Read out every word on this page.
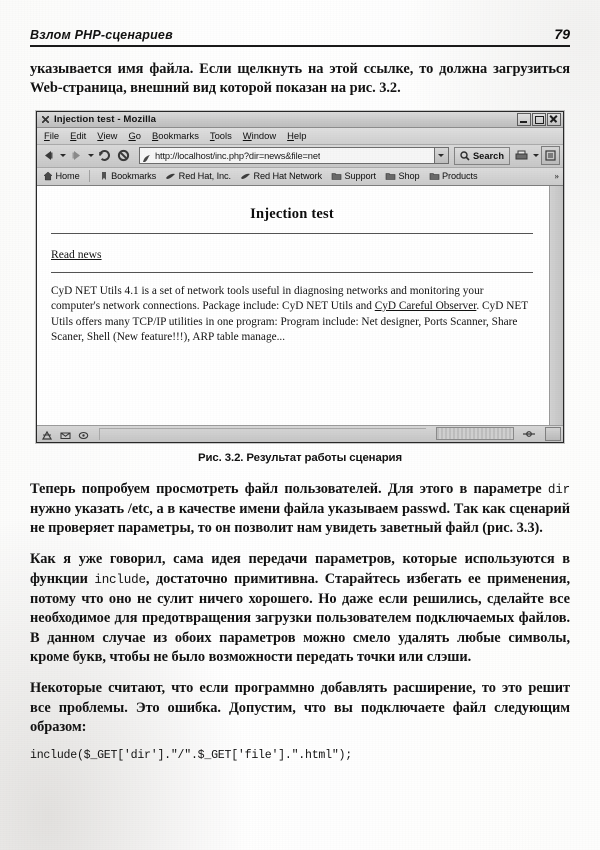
Взлом PHP-сценариев	79

указывается имя файла. Если щелкнуть на этой ссылке, то должна загрузиться Web-страница, внешний вид которой показан на рис. 3.2.

Injection test - Mozilla
File Edit View Go Bookmarks Tools Window Help
http://localhost/inc.php?dir=news&file=net	Search
Home	Bookmarks Red Hat, Inc. Red Hat Network Support Shop Products	»
Injection test
Read news

CyD NET Utils 4.1 is a set of network tools useful in diagnosing networks and monitoring your computer's network connections. Package include: CyD NET Utils and CyD Careful Observer. CyD NET Utils offers many TCP/IP utilities in one program: Program include: Net designer, Ports Scanner, Share Scaner, Shell (New feature!!!), ARP table manage...

Рис. 3.2. Результат работы сценария

Теперь попробуем просмотреть файл пользователей. Для этого в параметре dir нужно указать /etc, а в качестве имени файла указываем passwd. Так как сценарий не проверяет параметры, то он позволит нам увидеть заветный файл (рис. 3.3).

Как я уже говорил, сама идея передачи параметров, которые используются в функции include, достаточно примитивна. Старайтесь избегать ее применения, потому что оно не сулит ничего хорошего. Но даже если решились, сделайте все необходимое для предотвращения загрузки пользователем подключаемых файлов. В данном случае из обоих параметров можно смело удалять любые символы, кроме букв, чтобы не было возможности передать точки или слэши.

Некоторые считают, что если программно добавлять расширение, то это решит все проблемы. Это ошибка. Допустим, что вы подключаете файл следующим образом:

include($_GET['dir']."/".$_GET['file'].".html");
